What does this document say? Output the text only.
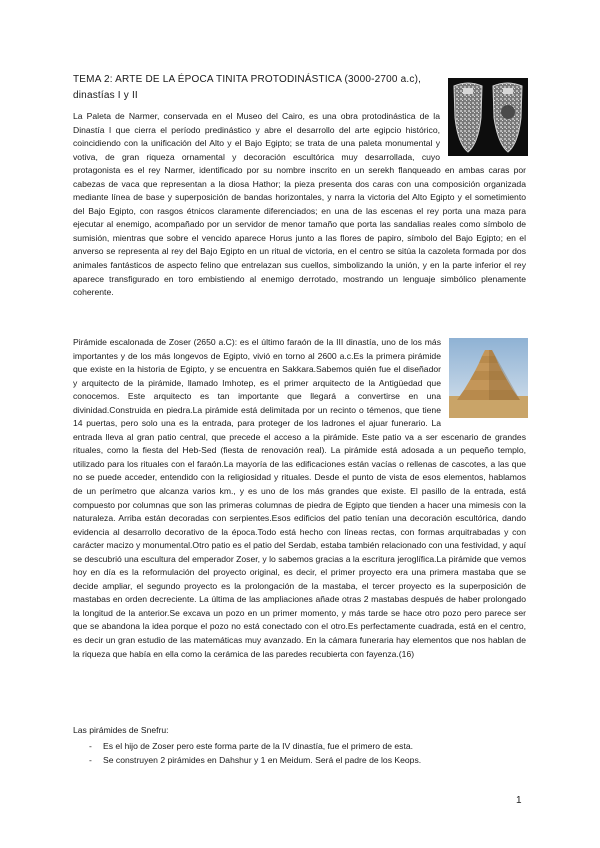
TEMA 2: ARTE DE LA ÉPOCA TINITA PROTODINÁSTICA (3000-2700 a.c), dinastías I y II
La Paleta de Narmer, conservada en el Museo del Cairo, es una obra protodinástica de la Dinastía I que cierra el período predinástico y abre el desarrollo del arte egipcio histórico, coincidiendo con la unificación del Alto y el Bajo Egipto; se trata de una paleta monumental y votiva, de gran riqueza ornamental y decoración escultórica muy desarrollada, cuyo protagonista es el rey Narmer, identificado por su nombre inscrito en un serekh flanqueado en ambas caras por cabezas de vaca que representan a la diosa Hathor; la pieza presenta dos caras con una composición organizada mediante línea de base y superposición de bandas horizontales, y narra la victoria del Alto Egipto y el sometimiento del Bajo Egipto, con rasgos étnicos claramente diferenciados; en una de las escenas el rey porta una maza para ejecutar al enemigo, acompañado por un servidor de menor tamaño que porta las sandalias reales como símbolo de sumisión, mientras que sobre el vencido aparece Horus junto a las flores de papiro, símbolo del Bajo Egipto; en el anverso se representa al rey del Bajo Egipto en un ritual de victoria, en el centro se sitúa la cazoleta formada por dos animales fantásticos de aspecto felino que entrelazan sus cuellos, simbolizando la unión, y en la parte inferior el rey aparece transfigurado en toro embistiendo al enemigo derrotado, mostrando un lenguaje simbólico plenamente coherente.
Pirámide escalonada de Zoser (2650 a.C): es el último faraón de la III dinastía, uno de los más importantes y de los más longevos de Egipto, vivió en torno al 2600 a.c.Es la primera pirámide que existe en la historia de Egipto, y se encuentra en Sakkara.Sabemos quién fue el diseñador y arquitecto de la pirámide, llamado Imhotep, es el primer arquitecto de la Antigüedad que conocemos. Este arquitecto es tan importante que llegará a convertirse en una divinidad.Construida en piedra.La pirámide está delimitada por un recinto o témenos, que tiene 14 puertas, pero solo una es la entrada, para proteger de los ladrones el ajuar funerario. La entrada lleva al gran patio central, que precede el acceso a la pirámide. Este patio va a ser escenario de grandes rituales, como la fiesta del Heb-Sed (fiesta de renovación real). La pirámide está adosada a un pequeño templo, utilizado para los rituales con el faraón.La mayoría de las edificaciones están vacías o rellenas de cascotes, a las que no se puede acceder, entendido con la religiosidad y rituales. Desde el punto de vista de esos elementos, hablamos de un perímetro que alcanza varios km., y es uno de los más grandes que existe. El pasillo de la entrada, está compuesto por columnas que son las primeras columnas de piedra de Egipto que tienden a hacer una mimesis con la naturaleza. Arriba están decoradas con serpientes.Esos edificios del patio tenían una decoración escultórica, dando evidencia al desarrollo decorativo de la época.Todo está hecho con líneas rectas, con formas arquitrabadas y con carácter macizo y monumental.Otro patio es el patio del Serdab, estaba también relacionado con una festividad, y aquí se descubrió una escultura del emperador Zoser, y lo sabemos gracias a la escritura jeroglífica.La pirámide que vemos hoy en día es la reformulación del proyecto original, es decir, el primer proyecto era una primera mastaba que se decide ampliar, el segundo proyecto es la prolongación de la mastaba, el tercer proyecto es la superposición de mastabas en orden decreciente. La última de las ampliaciones añade otras 2 mastabas después de haber prolongado la longitud de la anterior.Se excava un pozo en un primer momento, y más tarde se hace otro pozo pero parece ser que se abandona la idea porque el pozo no está conectado con el otro.Es perfectamente cuadrada, está en el centro, es decir un gran estudio de las matemáticas muy avanzado. En la cámara funeraria hay elementos que nos hablan de la riqueza que había en ella como la cerámica de las paredes recubierta con fayenza.(16)
Las pirámides de Snefru:
- Es el hijo de Zoser pero este forma parte de la IV dinastía, fue el primero de esta.
- Se construyen 2 pirámides en Dahshur y 1 en Meidum. Será el padre de los Keops.
1
